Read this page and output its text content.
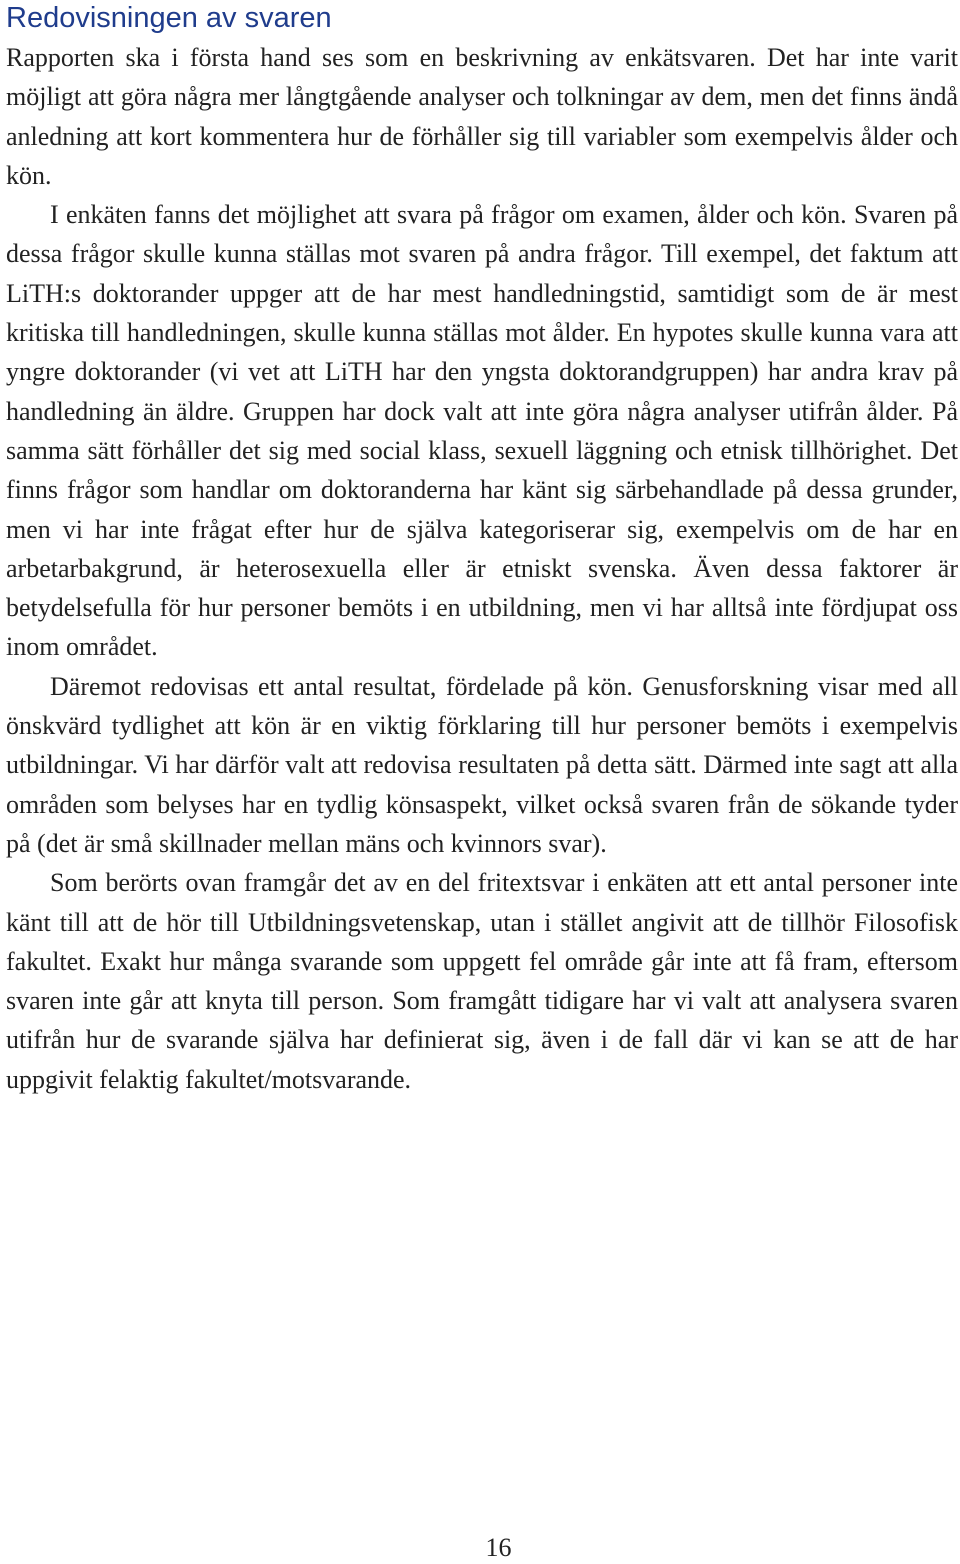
Redovisningen av svaren

Rapporten ska i första hand ses som en beskrivning av enkätsvaren. Det har inte varit möjligt att göra några mer långtgående analyser och tolkningar av dem, men det finns ändå anledning att kort kommentera hur de förhåller sig till variabler som exempelvis ålder och kön.

I enkäten fanns det möjlighet att svara på frågor om examen, ålder och kön. Svaren på dessa frågor skulle kunna ställas mot svaren på andra frågor. Till exempel, det faktum att LiTH:s doktorander uppger att de har mest handledningstid, samtidigt som de är mest kritiska till handledningen, skulle kunna ställas mot ålder. En hypotes skulle kunna vara att yngre doktorander (vi vet att LiTH har den yngsta doktorandgruppen) har andra krav på handledning än äldre. Gruppen har dock valt att inte göra några analyser utifrån ålder. På samma sätt förhåller det sig med social klass, sexuell läggning och etnisk tillhörighet. Det finns frågor som handlar om doktoranderna har känt sig särbehandlade på dessa grunder, men vi har inte frågat efter hur de själva kategoriserar sig, exempelvis om de har en arbetarbakgrund, är heterosexuella eller är etniskt svenska. Även dessa faktorer är betydelsefulla för hur personer bemöts i en utbildning, men vi har alltså inte fördjupat oss inom området.

Däremot redovisas ett antal resultat, fördelade på kön. Genusforskning visar med all önskvärd tydlighet att kön är en viktig förklaring till hur personer bemöts i exempelvis utbildningar. Vi har därför valt att redovisa resultaten på detta sätt. Därmed inte sagt att alla områden som belyses har en tydlig könsaspekt, vilket också svaren från de sökande tyder på (det är små skillnader mellan mäns och kvinnors svar).

Som berörts ovan framgår det av en del fritextsvar i enkäten att ett antal personer inte känt till att de hör till Utbildningsvetenskap, utan i stället angivit att de tillhör Filosofisk fakultet. Exakt hur många svarande som uppgett fel område går inte att få fram, eftersom svaren inte går att knyta till person. Som framgått tidigare har vi valt att analysera svaren utifrån hur de svarande själva har definierat sig, även i de fall där vi kan se att de har uppgivit felaktig fakultet/motsvarande.

16
